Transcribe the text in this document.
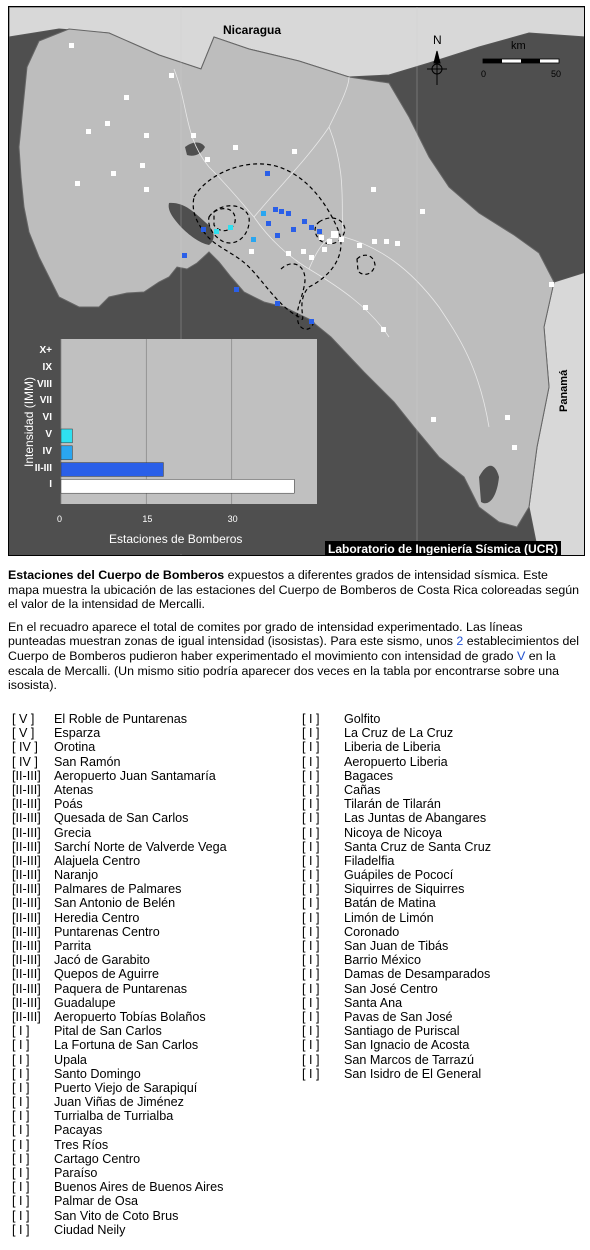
Nicaragua
Panamá
N	km
0	50
Intensidad (IMM)
Estaciones de Bomberos
X+
IX
VIII
VII
VI
V
IV
II-III
I
0	15	30
Laboratorio de Ingeniería Sísmica (UCR)

Estaciones del Cuerpo de Bomberos expuestos a diferentes grados de intensidad sísmica. Este mapa muestra la ubicación de las estaciones del Cuerpo de Bomberos de Costa Rica coloreadas según el valor de la intensidad de Mercalli.

En el recuadro aparece el total de comites por grado de intensidad experimentado. Las líneas punteadas muestran zonas de igual intensidad (isosistas). Para este sismo, unos 2 establecimientos del Cuerpo de Bomberos pudieron haber experimentado el movimiento con intensidad de grado V en la escala de Mercalli. (Un mismo sitio podría aparecer dos veces en la tabla por encontrarse sobre una isosista).

[ V ] El Roble de Puntarenas
[ V ] Esparza
[ IV ] Orotina
[ IV ] San Ramón
[II-III] Aeropuerto Juan Santamaría
[II-III] Atenas
[II-III] Poás
[II-III] Quesada de San Carlos
[II-III] Grecia
[II-III] Sarchí Norte de Valverde Vega
[II-III] Alajuela Centro
[II-III] Naranjo
[II-III] Palmares de Palmares
[II-III] San Antonio de Belén
[II-III] Heredia Centro
[II-III] Puntarenas Centro
[II-III] Parrita
[II-III] Jacó de Garabito
[II-III] Quepos de Aguirre
[II-III] Paquera de Puntarenas
[II-III] Guadalupe
[II-III] Aeropuerto Tobías Bolaños
[ I ] Pital de San Carlos
[ I ] La Fortuna de San Carlos
[ I ] Upala
[ I ] Santo Domingo
[ I ] Puerto Viejo de Sarapiquí
[ I ] Juan Viñas de Jiménez
[ I ] Turrialba de Turrialba
[ I ] Pacayas
[ I ] Tres Ríos
[ I ] Cartago Centro
[ I ] Paraíso
[ I ] Buenos Aires de Buenos Aires
[ I ] Palmar de Osa
[ I ] San Vito de Coto Brus
[ I ] Ciudad Neily
[ I ] Golfito
[ I ] La Cruz de La Cruz
[ I ] Liberia de Liberia
[ I ] Aeropuerto Liberia
[ I ] Bagaces
[ I ] Cañas
[ I ] Tilarán de Tilarán
[ I ] Las Juntas de Abangares
[ I ] Nicoya de Nicoya
[ I ] Santa Cruz de Santa Cruz
[ I ] Filadelfia
[ I ] Guápiles de Pococí
[ I ] Siquirres de Siquirres
[ I ] Batán de Matina
[ I ] Limón de Limón
[ I ] Coronado
[ I ] San Juan de Tibás
[ I ] Barrio México
[ I ] Damas de Desamparados
[ I ] San José Centro
[ I ] Santa Ana
[ I ] Pavas de San José
[ I ] Santiago de Puriscal
[ I ] San Ignacio de Acosta
[ I ] San Marcos de Tarrazú
[ I ] San Isidro de El General
